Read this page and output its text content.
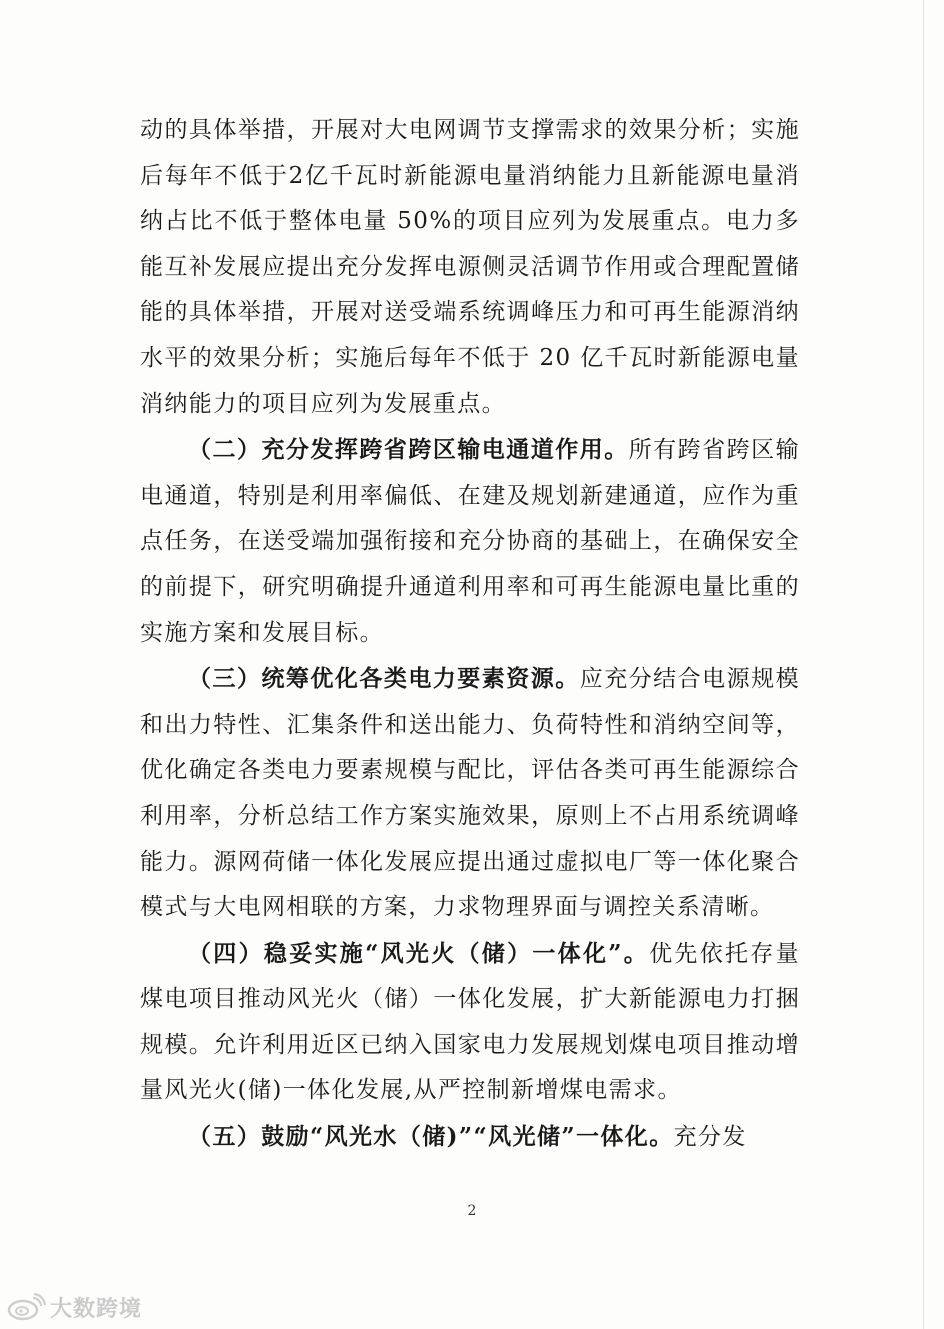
动的具体举措，开展对大电网调节支撑需求的效果分析；实施后每年不低于2亿千瓦时新能源电量消纳能力且新能源电量消纳占比不低于整体电量 50%的项目应列为发展重点。电力多能互补发展应提出充分发挥电源侧灵活调节作用或合理配置储能的具体举措，开展对送受端系统调峰压力和可再生能源消纳水平的效果分析；实施后每年不低于 20 亿千瓦时新能源电量消纳能力的项目应列为发展重点。

（二）充分发挥跨省跨区输电通道作用。所有跨省跨区输电通道，特别是利用率偏低、在建及规划新建通道，应作为重点任务，在送受端加强衔接和充分协商的基础上，在确保安全的前提下，研究明确提升通道利用率和可再生能源电量比重的实施方案和发展目标。

（三）统筹优化各类电力要素资源。应充分结合电源规模和出力特性、汇集条件和送出能力、负荷特性和消纳空间等，优化确定各类电力要素规模与配比，评估各类可再生能源综合利用率，分析总结工作方案实施效果，原则上不占用系统调峰能力。源网荷储一体化发展应提出通过虚拟电厂等一体化聚合模式与大电网相联的方案，力求物理界面与调控关系清晰。

（四）稳妥实施“风光火（储）一体化”。优先依托存量煤电项目推动风光火（储）一体化发展，扩大新能源电力打捆规模。允许利用近区已纳入国家电力发展规划煤电项目推动增量风光火(储)一体化发展,从严控制新增煤电需求。

（五）鼓励“风光水（储)”“风光储”一体化。充分发

2
大数跨境
